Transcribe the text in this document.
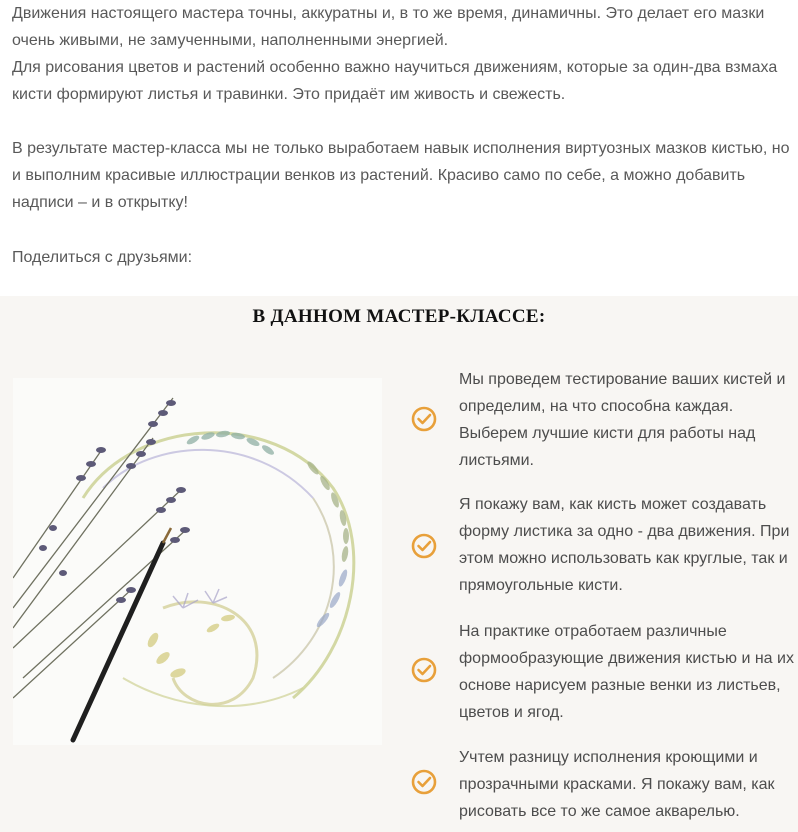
Движения настоящего мастера точны, аккуратны и, в то же время, динамичны. Это делает его мазки очень живыми, не замученными, наполненными энергией.

Для рисования цветов и растений особенно важно научиться движениям, которые за один-два взмаха кисти формируют листья и травинки. Это придаёт им живость и свежесть.

В результате мастер-класса мы не только выработаем навык исполнения виртуозных мазков кистью, но и выполним красивые иллюстрации венков из растений. Красиво само по себе, а можно добавить надписи – и в открытку!

Поделиться с друзьями:
В ДАННОМ МАСТЕР-КЛАССЕ:

Мы проведем тестирование ваших кистей и определим, на что способна каждая. Выберем лучшие кисти для работы над листьями.

Я покажу вам, как кисть может создавать форму листика за одно - два движения. При этом можно использовать как круглые, так и прямоугольные кисти.

На практике отработаем различные формообразующие движения кистью и на их основе нарисуем разные венки из листьев, цветов и ягод.

Учтем разницу исполнения кроющими и прозрачными красками. Я покажу вам, как рисовать все то же самое акварелью.
